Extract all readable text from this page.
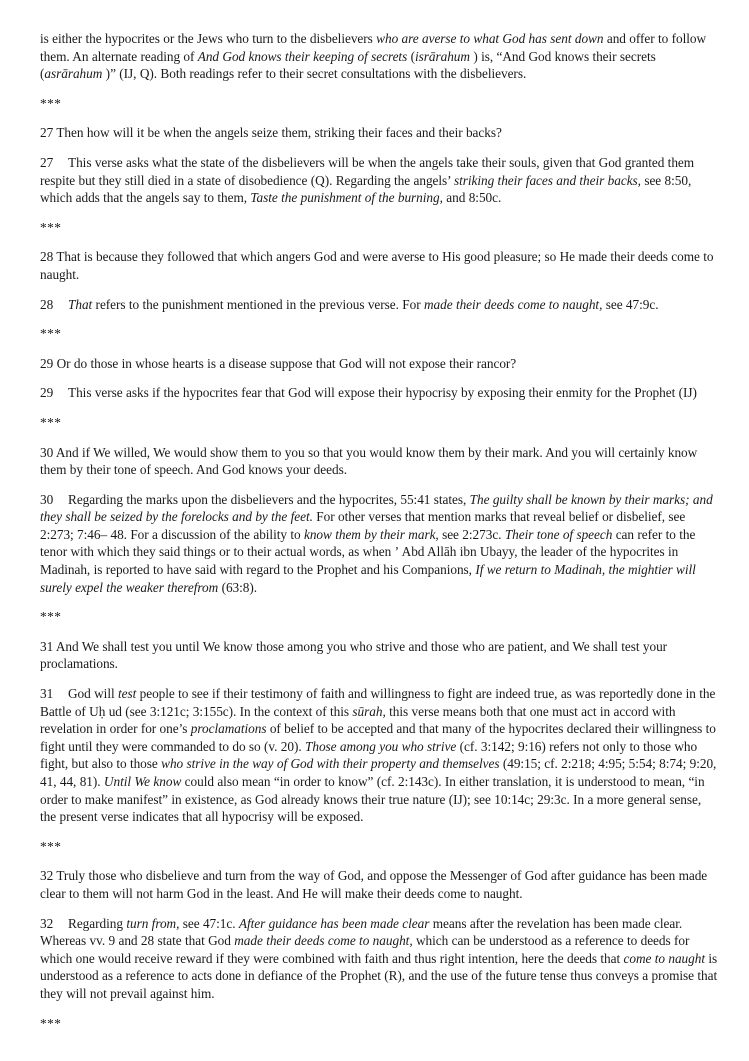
is either the hypocrites or the Jews who turn to the disbelievers who are averse to what God has sent down and offer to follow them. An alternate reading of And God knows their keeping of secrets (isrārahum ) is, “And God knows their secrets (asrārahum )” (IJ, Q). Both readings refer to their secret consultations with the disbelievers.

***

27 Then how will it be when the angels seize them, striking their faces and their backs?

27 This verse asks what the state of the disbelievers will be when the angels take their souls, given that God granted them respite but they still died in a state of disobedience (Q). Regarding the angels’ striking their faces and their backs, see 8:50, which adds that the angels say to them, Taste the punishment of the burning, and 8:50c.

***

28 That is because they followed that which angers God and were averse to His good pleasure; so He made their deeds come to naught.

28 That refers to the punishment mentioned in the previous verse. For made their deeds come to naught, see 47:9c.

***

29 Or do those in whose hearts is a disease suppose that God will not expose their rancor?

29 This verse asks if the hypocrites fear that God will expose their hypocrisy by exposing their enmity for the Prophet (IJ)

***

30 And if We willed, We would show them to you so that you would know them by their mark. And you will certainly know them by their tone of speech. And God knows your deeds.

30 Regarding the marks upon the disbelievers and the hypocrites, 55:41 states, The guilty shall be known by their marks; and they shall be seized by the forelocks and by the feet. For other verses that mention marks that reveal belief or disbelief, see 2:273; 7:46– 48. For a discussion of the ability to know them by their mark, see 2:273c. Their tone of speech can refer to the tenor with which they said things or to their actual words, as when ʼ Abd Allāh ibn Ubayy, the leader of the hypocrites in Madinah, is reported to have said with regard to the Prophet and his Companions, If we return to Madinah, the mightier will surely expel the weaker therefrom (63:8).

***

31 And We shall test you until We know those among you who strive and those who are patient, and We shall test your proclamations.

31 God will test people to see if their testimony of faith and willingness to fight are indeed true, as was reportedly done in the Battle of Uḥ ud (see 3:121c; 3:155c). In the context of this sūrah, this verse means both that one must act in accord with revelation in order for one’s proclamations of belief to be accepted and that many of the hypocrites declared their willingness to fight until they were commanded to do so (v. 20). Those among you who strive (cf. 3:142; 9:16) refers not only to those who fight, but also to those who strive in the way of God with their property and themselves (49:15; cf. 2:218; 4:95; 5:54; 8:74; 9:20, 41, 44, 81). Until We know could also mean “in order to know” (cf. 2:143c). In either translation, it is understood to mean, “in order to make manifest” in existence, as God already knows their true nature (IJ); see 10:14c; 29:3c. In a more general sense, the present verse indicates that all hypocrisy will be exposed.

***

32 Truly those who disbelieve and turn from the way of God, and oppose the Messenger of God after guidance has been made clear to them will not harm God in the least. And He will make their deeds come to naught.

32 Regarding turn from, see 47:1c. After guidance has been made clear means after the revelation has been made clear. Whereas vv. 9 and 28 state that God made their deeds come to naught, which can be understood as a reference to deeds for which one would receive reward if they were combined with faith and thus right intention, here the deeds that come to naught is understood as a reference to acts done in defiance of the Prophet (R), and the use of the future tense thus conveys a promise that they will not prevail against him.

***
